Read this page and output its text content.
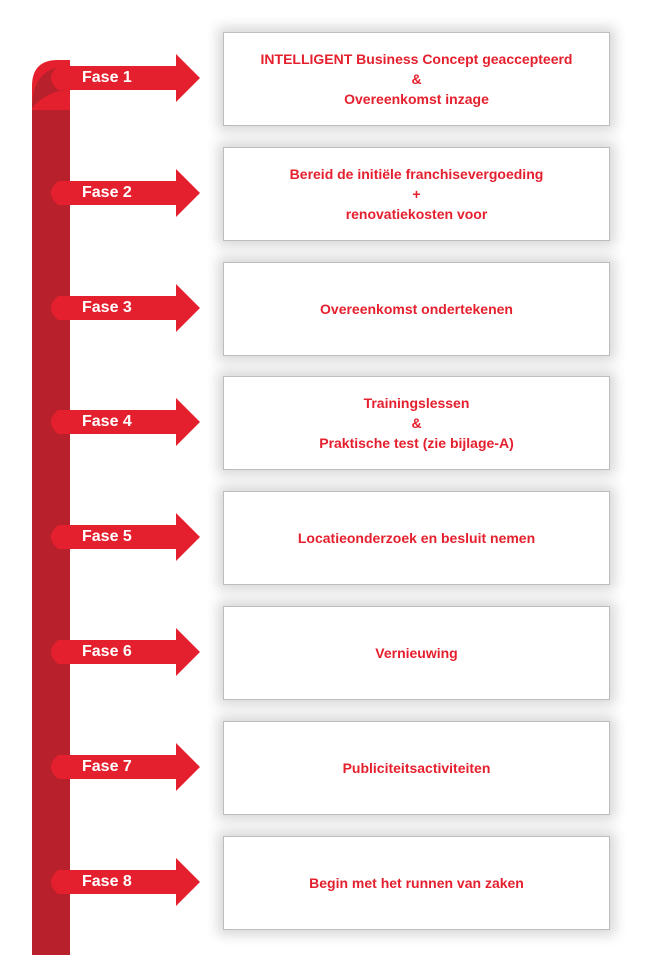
Fase 1
INTELLIGENT Business Concept geaccepteerd
&
Overeenkomst inzage
Fase 2
Bereid de initiële franchisevergoeding
+
renovatiekosten voor
Fase 3	Overeenkomst ondertekenen
Fase 4
Trainingslessen
&
Praktische test (zie bijlage-A)
Fase 5	Locatieonderzoek en besluit nemen
Fase 6	Vernieuwing
Fase 7	Publiciteitsactiviteiten
Fase 8	Begin met het runnen van zaken
